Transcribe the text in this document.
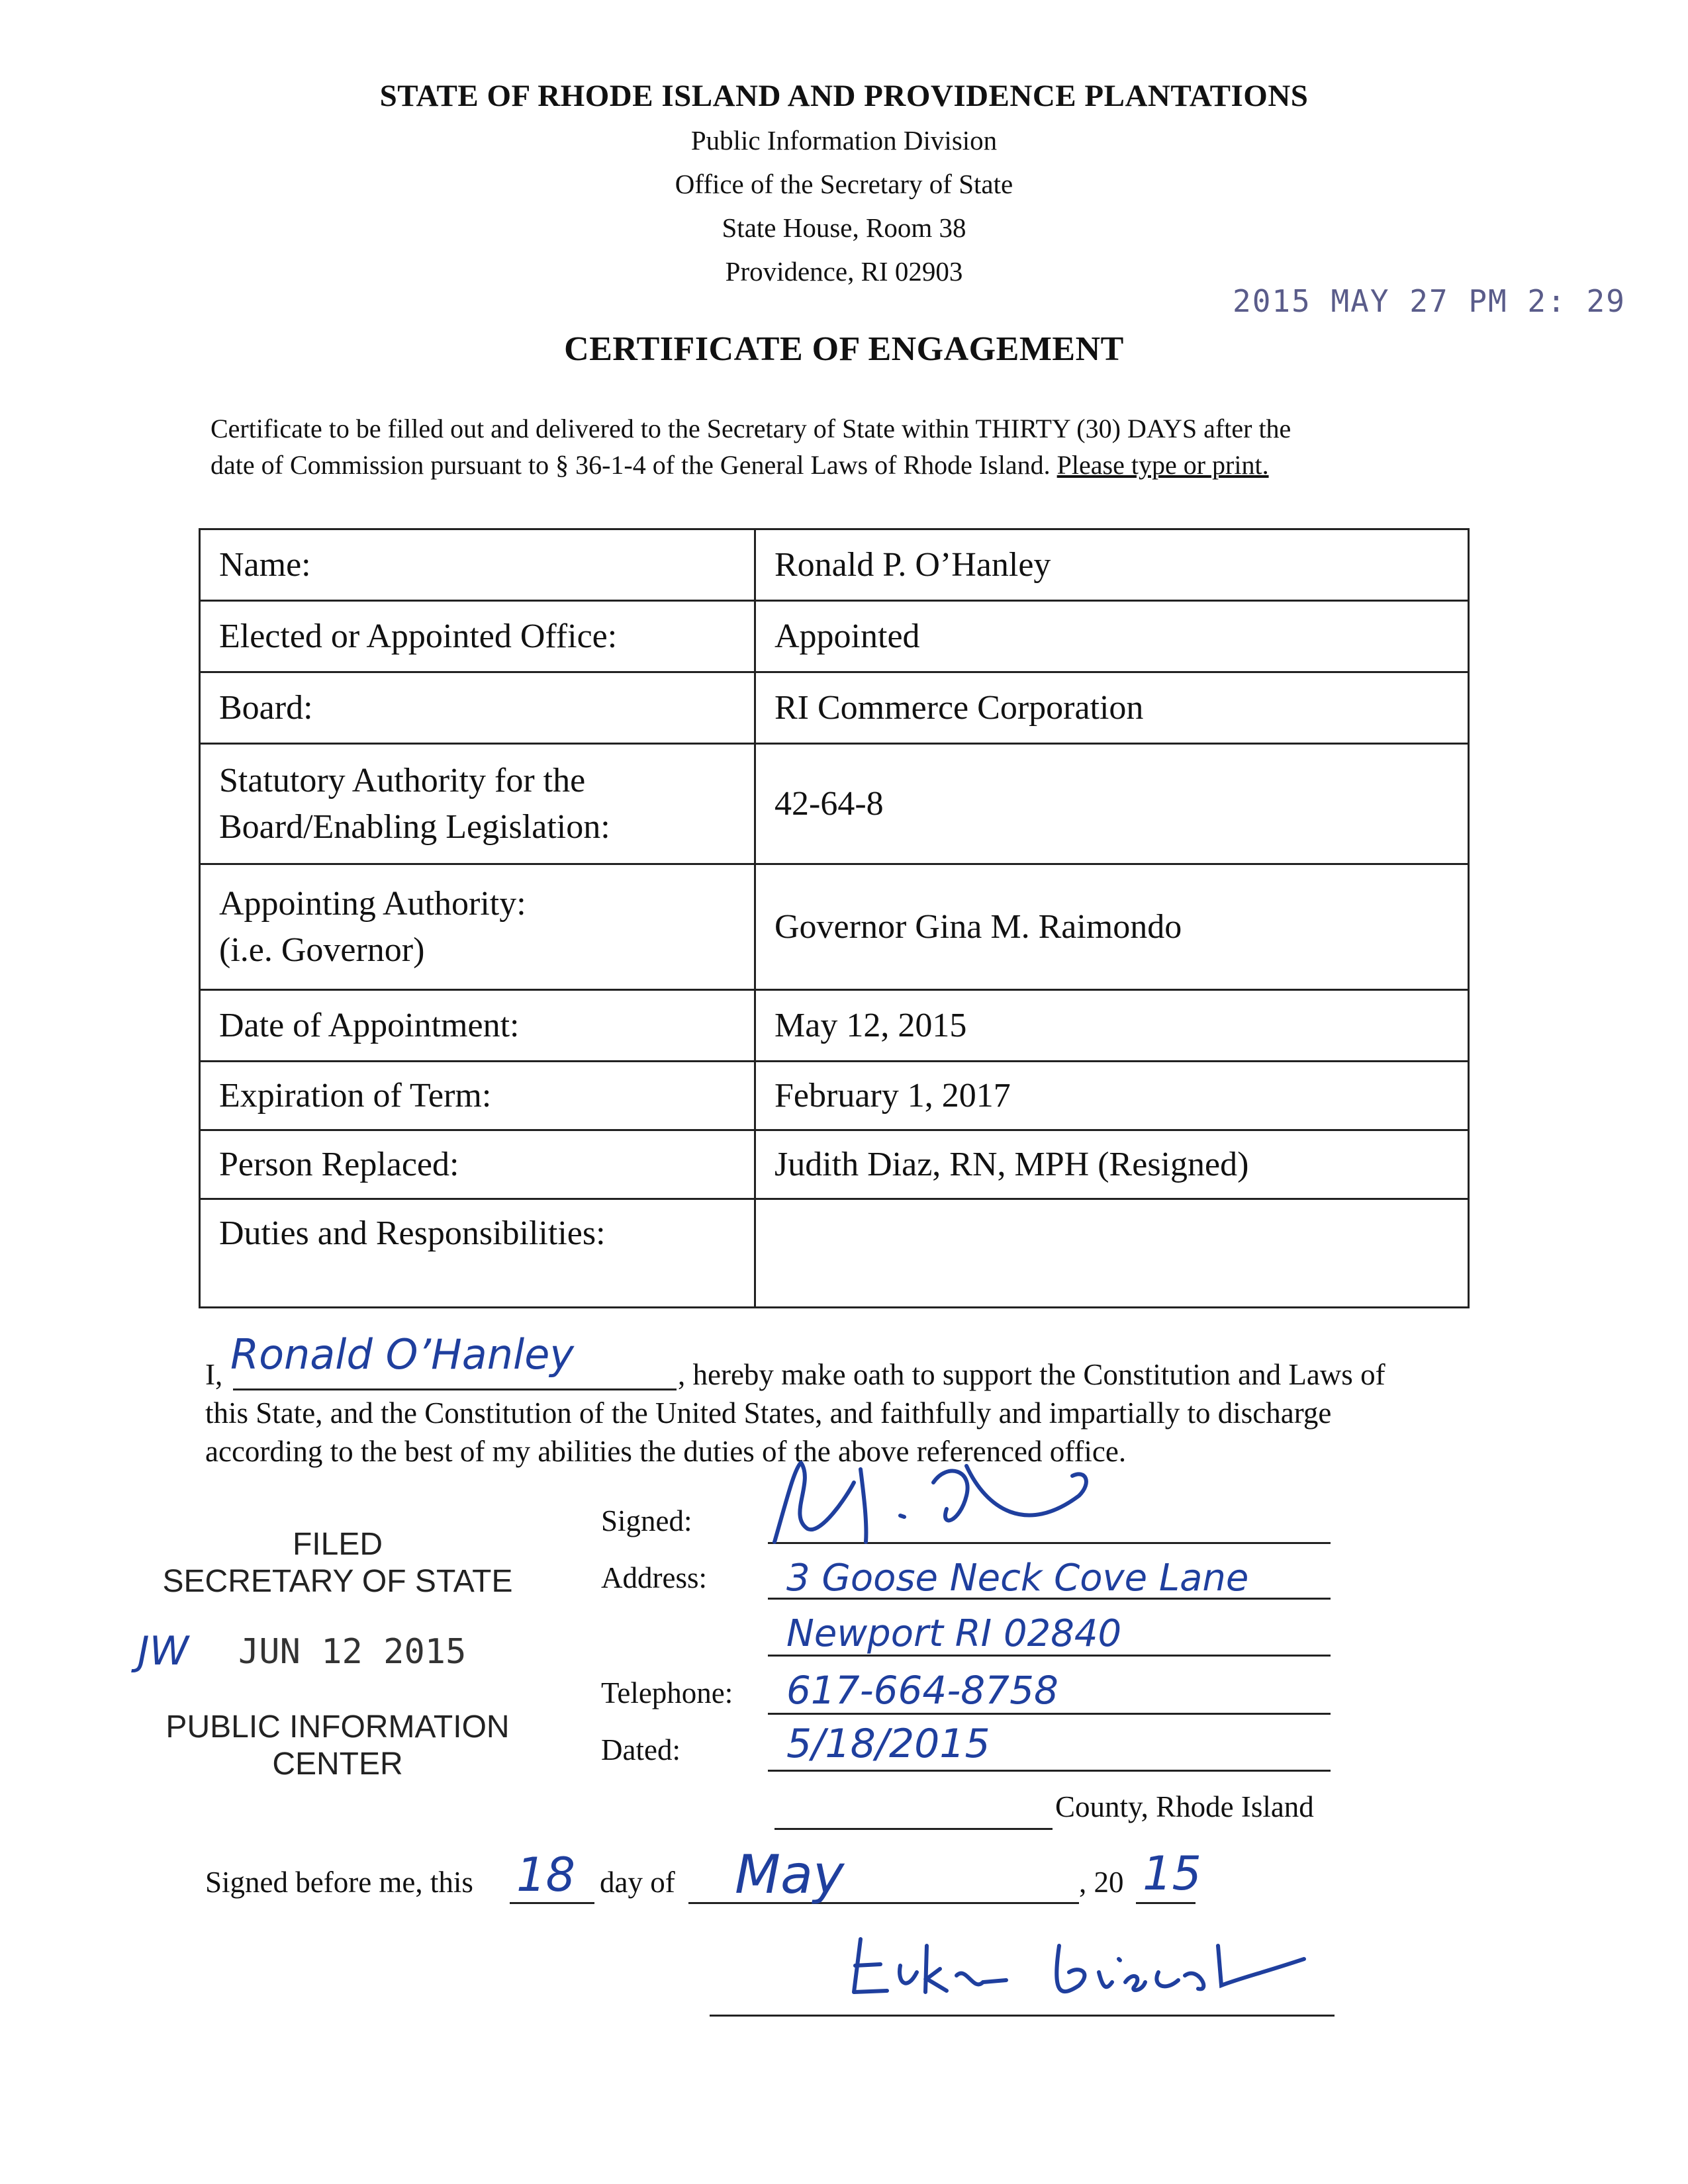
STATE OF RHODE ISLAND AND PROVIDENCE PLANTATIONS
Public Information Division
Office of the Secretary of State
State House, Room 38
Providence, RI 02903
2015 MAY 27 PM 2: 29
CERTIFICATE OF ENGAGEMENT
Certificate to be filled out and delivered to the Secretary of State within THIRTY (30) DAYS after the
date of Commission pursuant to § 36-1-4 of the General Laws of Rhode Island. Please type or print.
Name:	Ronald P. O’Hanley
Elected or Appointed Office:	Appointed
Board:	RI Commerce Corporation

Statutory Authority for the
Board/Enabling Legislation:	42-64-8

Appointing Authority:
(i.e. Governor)	Governor Gina M. Raimondo
Date of Appointment:	May 12, 2015
Expiration of Term:	February 1, 2017
Person Replaced:	Judith Diaz, RN, MPH (Resigned)
Duties and Responsibilities:	
I, Ronald O’Hanley	, hereby make oath to support the Constitution and Laws of
this State, and the Constitution of the United States, and faithfully and impartially to discharge
according to the best of my abilities the duties of the above referenced office.
Signed:
Address: 3 Goose Neck Cove Lane
Newport RI 02840
Telephone: 617-664-8758
Dated:	5/18/2015
County, Rhode Island
FILED
SECRETARY OF STATE
JW JUN 12 2015
PUBLIC INFORMATION
CENTER
Signed before me, this 18 day of May	, 20 15
